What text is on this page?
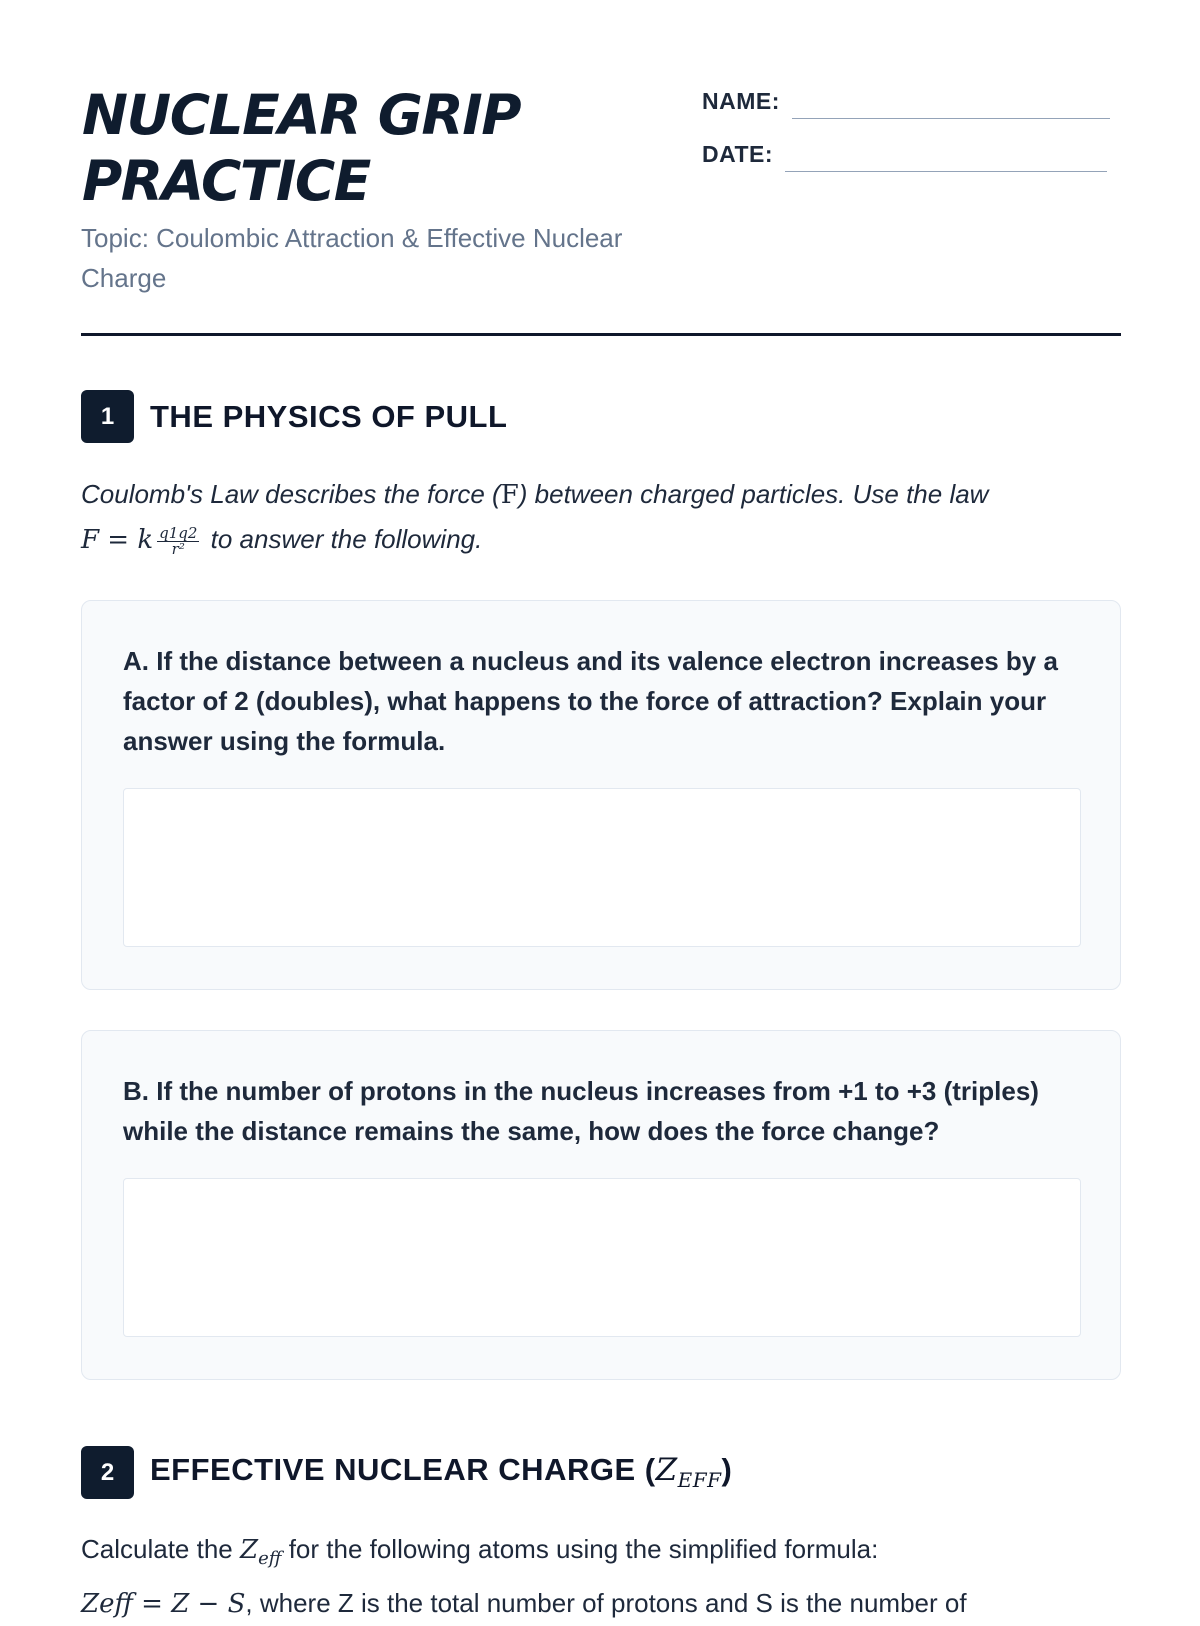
NUCLEAR GRIP
PRACTICE
Topic: Coulombic Attraction & Effective Nuclear Charge
NAME:
DATE:
1	THE PHYSICS OF PULL

Coulomb's Law describes the force (F) between charged particles. Use the law
F = k $\frac{q1q2}{\text{r²}}$ to answer the following.

A. If the distance between a nucleus and its valence electron increases by a factor of 2 (doubles), what happens to the force of attraction? Explain your answer using the formula.
B. If the number of protons in the nucleus increases from +1 to +3 (triples) while the distance remains the same, how does the force change?
2	EFFECTIVE NUCLEAR CHARGE $(Z_{EFF})$

Calculate the $Z_{eff}$ for the following atoms using the simplified formula:
Zeff = Z − S, where Z is the total number of protons and S is the number of
